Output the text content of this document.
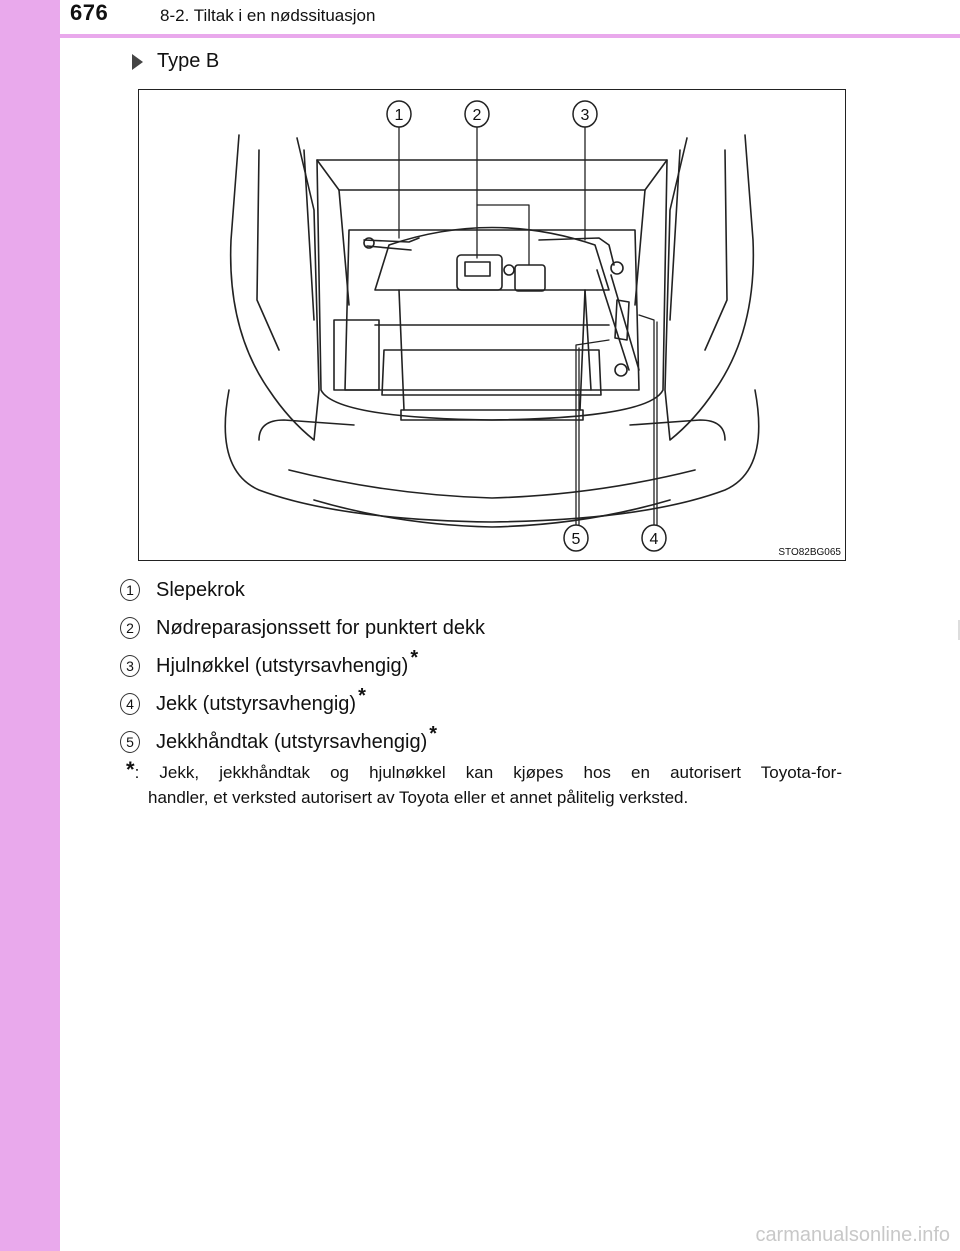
676	8-2. Tiltak i en nødssituasjon
Type B
1	2	3
4
5
STO82BG065
1	Slepekrok
2	Nødreparasjonssett for punktert dekk
3	Hjulnøkkel (utstyrsavhengig) *
4	Jekk (utstyrsavhengig) *
5	Jekkhåndtak (utstyrsavhengig) *
* : Jekk, jekkhåndtak og hjulnøkkel kan kjøpes hos en autorisert Toyota-for-
handler, et verksted autorisert av Toyota eller et annet pålitelig verksted.
carmanualsonline.info
